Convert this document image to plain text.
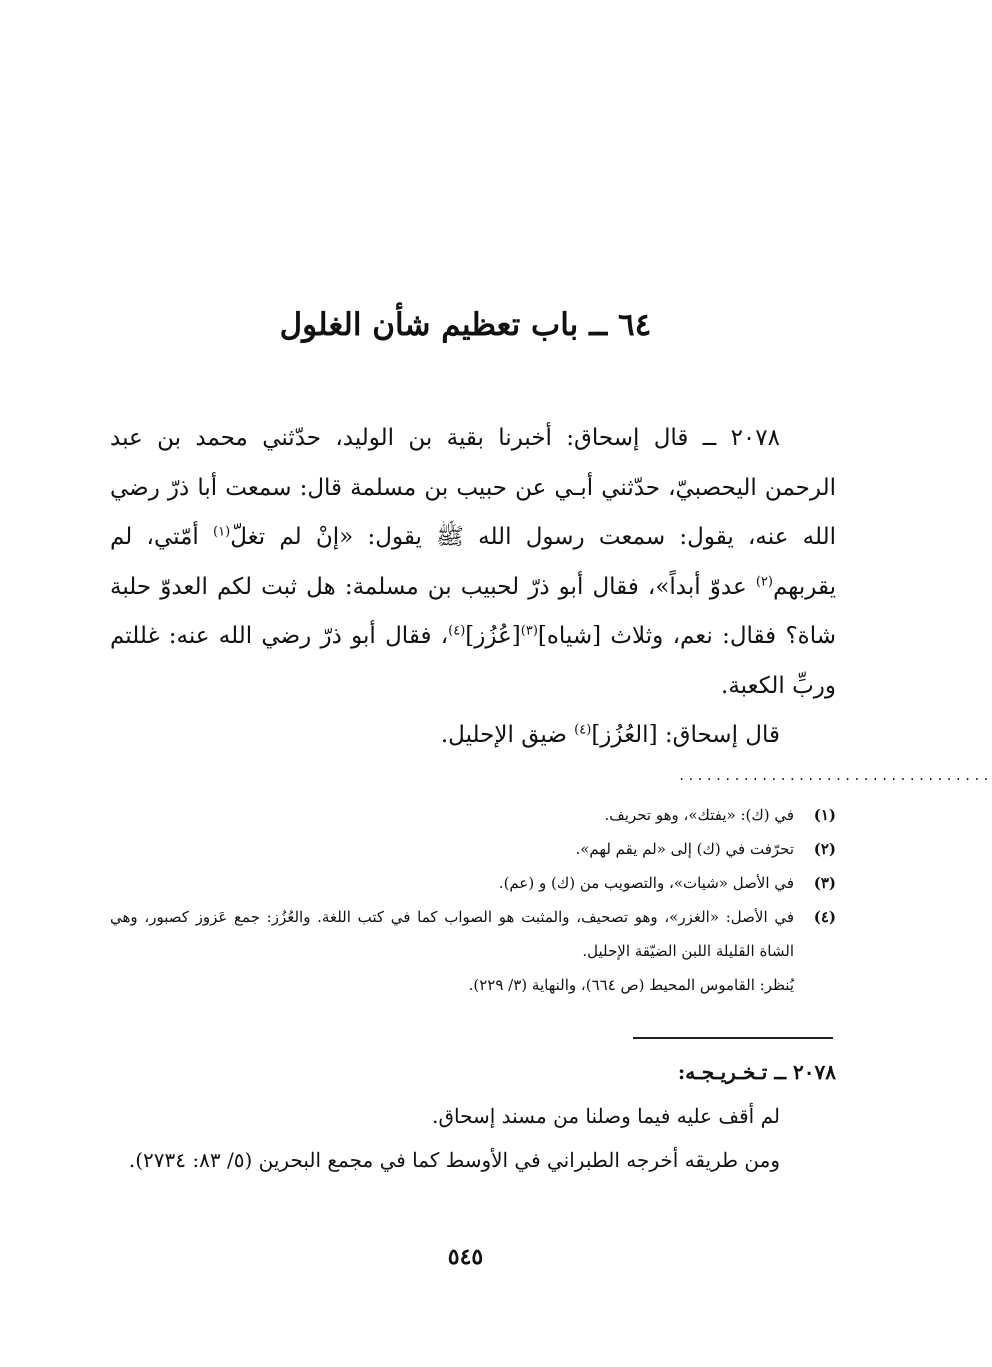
٦٤ ــ باب تعظيم شأن الغلول

٢٠٧٨ ــ قال إسحاق: أخبرنا بقية بن الوليد، حدّثني محمد بن عبد الرحمن اليحصبيّ، حدّثني أبـي عن حبيب بن مسلمة قال: سمعت أبا ذرّ رضي الله عنه، يقول: سمعت رسول الله ﷺ يقول: «إنْ لم تغلّ$^{(١)}$ أمّتي، لم يقربهم$^{(٢)}$ عدوّ أبداً»، فقال أبو ذرّ لحبيب بن مسلمة: هل ثبت لكم العدوّ حلبة شاة؟ فقال: نعم، وثلاث [شياه]$^{(٣)}$[عُزُز]$^{(٤)}$، فقال أبو ذرّ رضي الله عنه: غللتم وربِّ الكعبة.

قال إسحاق: [العُزُز]$^{(٤)}$ ضيق الإحليل.

..................................
(١)
في (ك): «يفتك»، وهو تحريف.
(٢)
تحرّفت في (ك) إلى «لم يقم لهم».
(٣)
في الأصل «شيات»، والتصويب من (ك) و (عم).
(٤)
في الأصل: «الغزر»، وهو تصحيف، والمثبت هو الصواب كما في كتب اللغة. والعُزُز: جمع عَزوز كصبور، وهي الشاة القليلة اللبن الضيّقة الإحليل.
يُنظر: القاموس المحيط (ص ٦٦٤)، والنهاية (٣/ ٢٢٩).

٢٠٧٨ ــ تـخـريـجـه:

لم أقف عليه فيما وصلنا من مسند إسحاق.

ومن طريقه أخرجه الطبراني في الأوسط كما في مجمع البحرين (٥/ ٨٣: ٢٧٣٤).

٥٤٥
